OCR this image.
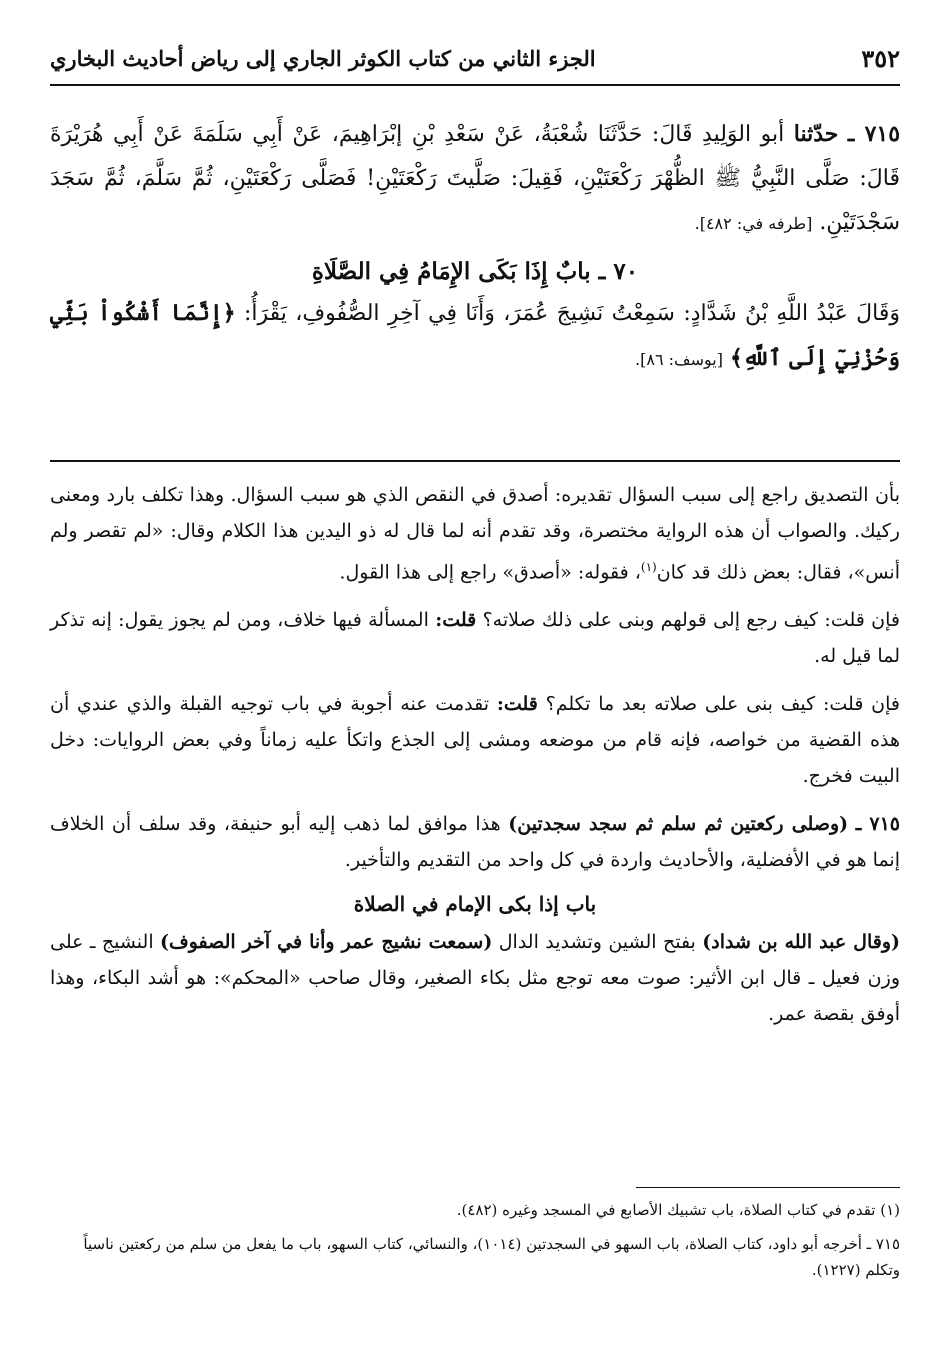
٣٥٢
الجزء الثاني من كتاب الكوثر الجاري إلى رياض أحاديث البخاري

٧١٥ ـ حدّثنا أبو الوَلِيدِ قَالَ: حَدَّثَنَا شُعْبَةُ، عَنْ سَعْدِ بْنِ إبْرَاهِيمَ، عَنْ أَبِي سَلَمَةَ عَنْ أَبِي هُرَيْرَةَ قَالَ: صَلَّى النَّبِيُّ ﷺ الظُّهْرَ رَكْعَتَيْنِ، فَقِيلَ: صَلَّيتَ رَكْعَتَيْنِ! فَصَلَّى رَكْعَتَيْنِ، ثُمَّ سَلَّمَ، ثُمَّ سَجَدَ سَجْدَتَيْنِ. [طرفه في: ٤٨٢].

٧٠ ـ بابٌ إِذَا بَكَى الإِمَامُ فِي الصَّلَاةِ

وَقَالَ عَبْدُ اللَّهِ بْنُ شَدَّادٍ: سَمِعْتُ نَشِيجَ عُمَرَ، وَأَنَا فِي آخِرِ الصُّفُوفِ، يَقْرَأُ: ﴿إِنَّمَا أَشْكُواْ بَثِّي وَحُزْنِيٓ إِلَى ٱللَّهِ﴾ [يوسف: ٨٦].

بأن التصديق راجع إلى سبب السؤال تقديره: أصدق في النقص الذي هو سبب السؤال. وهذا تكلف بارد ومعنى ركيك. والصواب أن هذه الرواية مختصرة، وقد تقدم أنه لما قال له ذو اليدين هذا الكلام وقال: «لم تقصر ولم أنس»، فقال: بعض ذلك قد كان$^{(١)}$، فقوله: «أصدق» راجع إلى هذا القول.

فإن قلت: كيف رجع إلى قولهم وبنى على ذلك صلاته؟ قلت: المسألة فيها خلاف، ومن لم يجوز يقول: إنه تذكر لما قيل له.

فإن قلت: كيف بنى على صلاته بعد ما تكلم؟ قلت: تقدمت عنه أجوبة في باب توجيه القبلة والذي عندي أن هذه القضية من خواصه، فإنه قام من موضعه ومشى إلى الجذع واتكأ عليه زماناً وفي بعض الروايات: دخل البيت فخرج.

٧١٥ ـ (وصلى ركعتين ثم سلم ثم سجد سجدتين) هذا موافق لما ذهب إليه أبو حنيفة، وقد سلف أن الخلاف إنما هو في الأفضلية، والأحاديث واردة في كل واحد من التقديم والتأخير.

باب إذا بكى الإمام في الصلاة

(وقال عبد الله بن شداد) بفتح الشين وتشديد الدال (سمعت نشيج عمر وأنا في آخر الصفوف) النشيج ـ على وزن فعيل ـ قال ابن الأثير: صوت معه توجع مثل بكاء الصغير، وقال صاحب «المحكم»: هو أشد البكاء، وهذا أوفق بقصة عمر.

(١) تقدم في كتاب الصلاة، باب تشبيك الأصابع في المسجد وغيره (٤٨٢).

٧١٥ ـ أخرجه أبو داود، كتاب الصلاة، باب السهو في السجدتين (١٠١٤)، والنسائي، كتاب السهو، باب ما يفعل من سلم من ركعتين ناسياً وتكلم (١٢٢٧).
